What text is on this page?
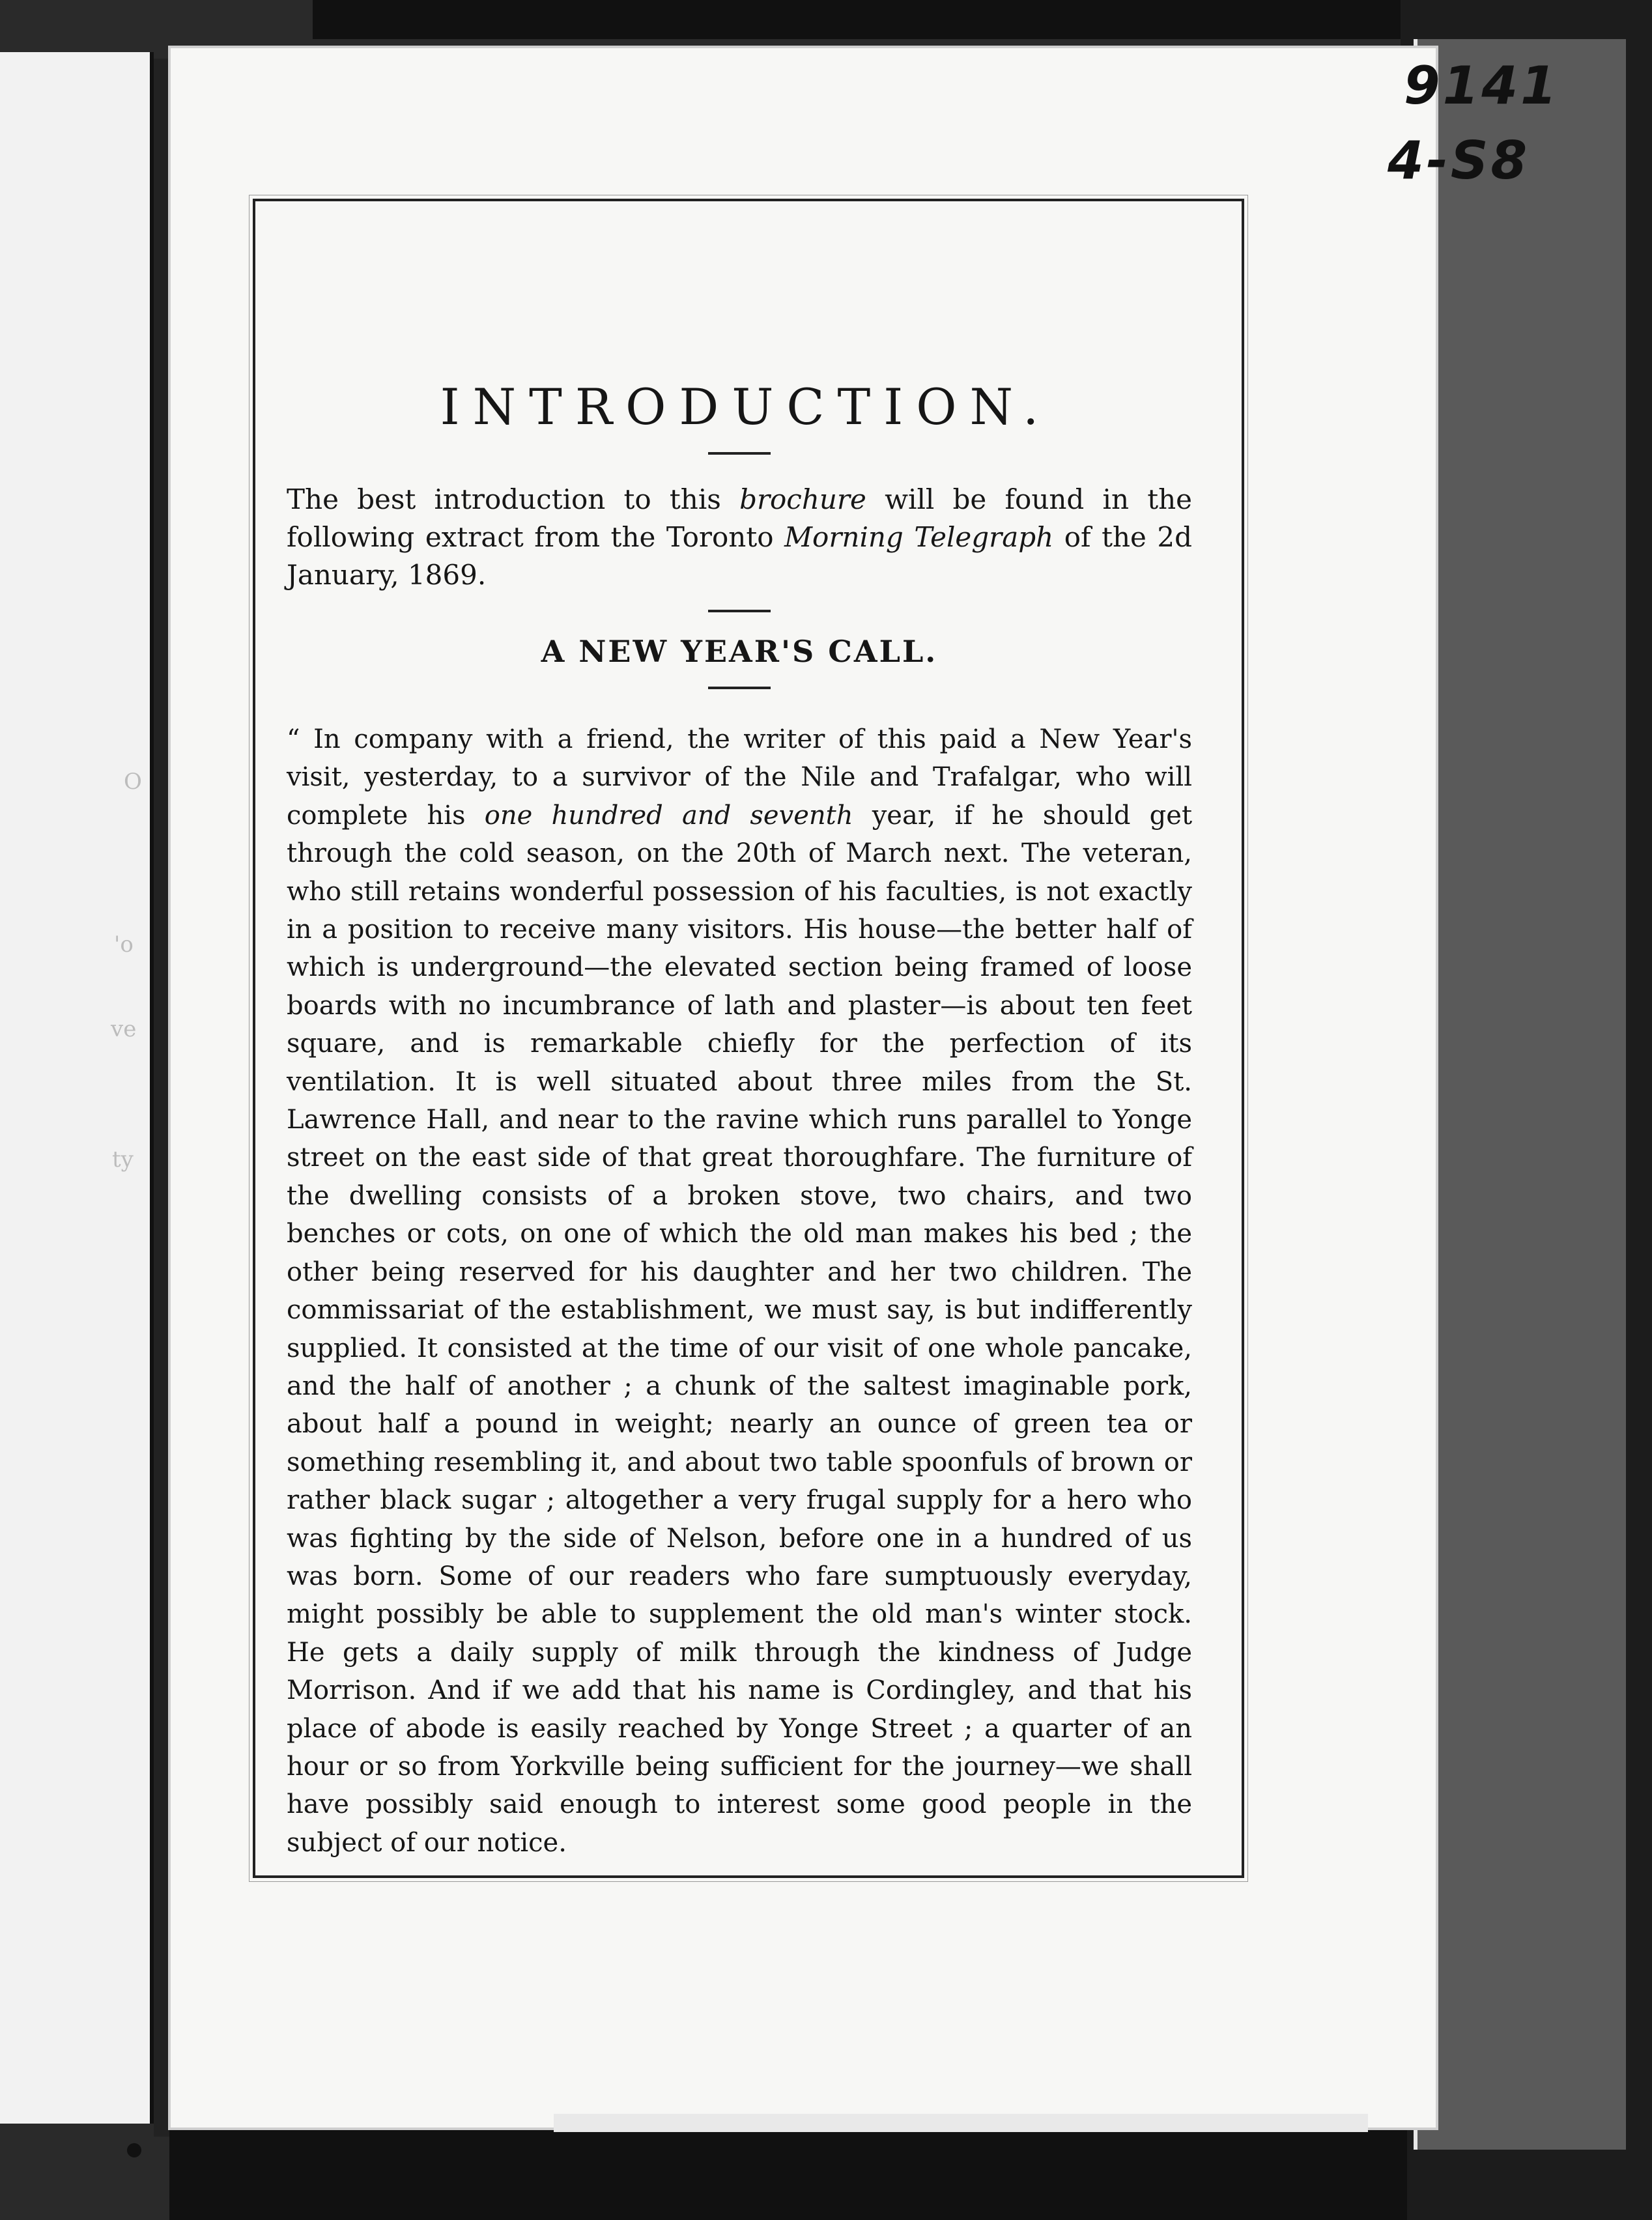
O
'o
ve
ty
9141
4-S8
INTRODUCTION.

The best introduction to this brochure will be found in the following extract from the Toronto Morning Telegraph of the 2d January, 1869.

A NEW YEAR'S CALL.

“ In company with a friend, the writer of this paid a New Year's visit, yesterday, to a survivor of the Nile and Trafalgar, who will complete his one hundred and seventh year, if he should get through the cold season, on the 20th of March next. The veteran, who still retains wonderful possession of his faculties, is not exactly in a position to receive many visitors. His house—the better half of which is underground—the elevated section being framed of loose boards with no incumbrance of lath and plaster—is about ten feet square, and is remarkable chiefly for the perfection of its ventilation. It is well situated about three miles from the St. Lawrence Hall, and near to the ravine which runs parallel to Yonge street on the east side of that great thoroughfare. The furniture of the dwelling consists of a broken stove, two chairs, and two benches or cots, on one of which the old man makes his bed ; the other being reserved for his daughter and her two children. The commissariat of the establishment, we must say, is but indifferently supplied. It consisted at the time of our visit of one whole pancake, and the half of another ; a chunk of the saltest imaginable pork, about half a pound in weight; nearly an ounce of green tea or something resembling it, and about two table spoonfuls of brown or rather black sugar ; altogether a very frugal supply for a hero who was fighting by the side of Nelson, before one in a hundred of us was born. Some of our readers who fare sumptuously everyday, might possibly be able to supplement the old man's winter stock. He gets a daily supply of milk through the kindness of Judge Morrison. And if we add that his name is Cordingley, and that his place of abode is easily reached by Yonge Street ; a quarter of an hour or so from Yorkville being sufficient for the journey—we shall have possibly said enough to interest some good people in the subject of our notice.
